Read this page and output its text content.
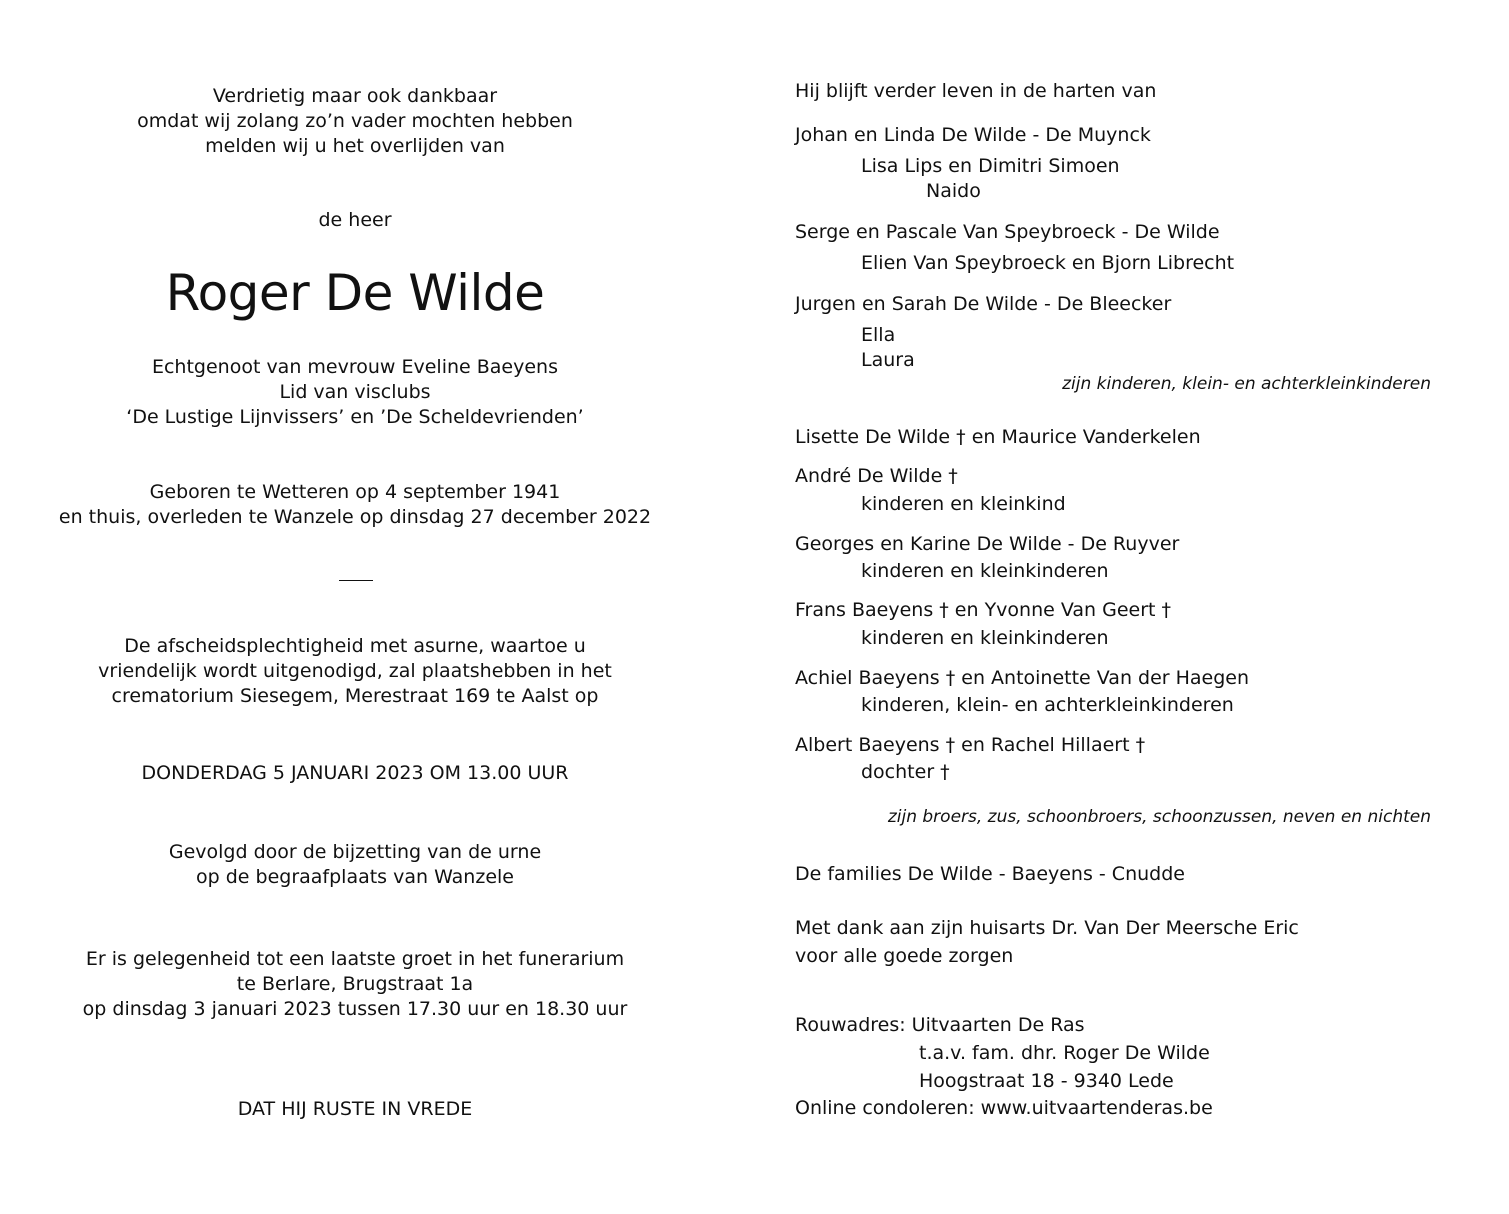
Verdrietig maar ook dankbaar
omdat wij zolang zo’n vader mochten hebben
melden wij u het overlijden van
de heer
Roger De Wilde
Echtgenoot van mevrouw Eveline Baeyens
Lid van visclubs
‘De Lustige Lijnvissers’ en ’De Scheldevrienden’
Geboren te Wetteren op 4 september 1941
en thuis, overleden te Wanzele op dinsdag 27 december 2022
De afscheidsplechtigheid met asurne, waartoe u
vriendelijk wordt uitgenodigd, zal plaatshebben in het
crematorium Siesegem, Merestraat 169 te Aalst op
DONDERDAG 5 JANUARI 2023 OM 13.00 UUR
Gevolgd door de bijzetting van de urne
op de begraafplaats van Wanzele
Er is gelegenheid tot een laatste groet in het funerarium
te Berlare, Brugstraat 1a
op dinsdag 3 januari 2023 tussen 17.30 uur en 18.30 uur
DAT HIJ RUSTE IN VREDE
Hij blijft verder leven in de harten van
Johan en Linda De Wilde - De Muynck
Lisa Lips en Dimitri Simoen
Naido
Serge en Pascale Van Speybroeck - De Wilde
Elien Van Speybroeck en Bjorn Librecht
Jurgen en Sarah De Wilde - De Bleecker
Ella
Laura
zijn kinderen, klein- en achterkleinkinderen
Lisette De Wilde † en Maurice Vanderkelen
André De Wilde †
kinderen en kleinkind
Georges en Karine De Wilde - De Ruyver
kinderen en kleinkinderen
Frans Baeyens † en Yvonne Van Geert †
kinderen en kleinkinderen
Achiel Baeyens † en Antoinette Van der Haegen
kinderen, klein- en achterkleinkinderen
Albert Baeyens † en Rachel Hillaert †
dochter †
zijn broers, zus, schoonbroers, schoonzussen, neven en nichten
De families De Wilde - Baeyens - Cnudde
Met dank aan zijn huisarts Dr. Van Der Meersche Eric
voor alle goede zorgen
Rouwadres: Uitvaarten De Ras
t.a.v. fam. dhr. Roger De Wilde
Hoogstraat 18 - 9340 Lede
Online condoleren: www.uitvaartenderas.be
